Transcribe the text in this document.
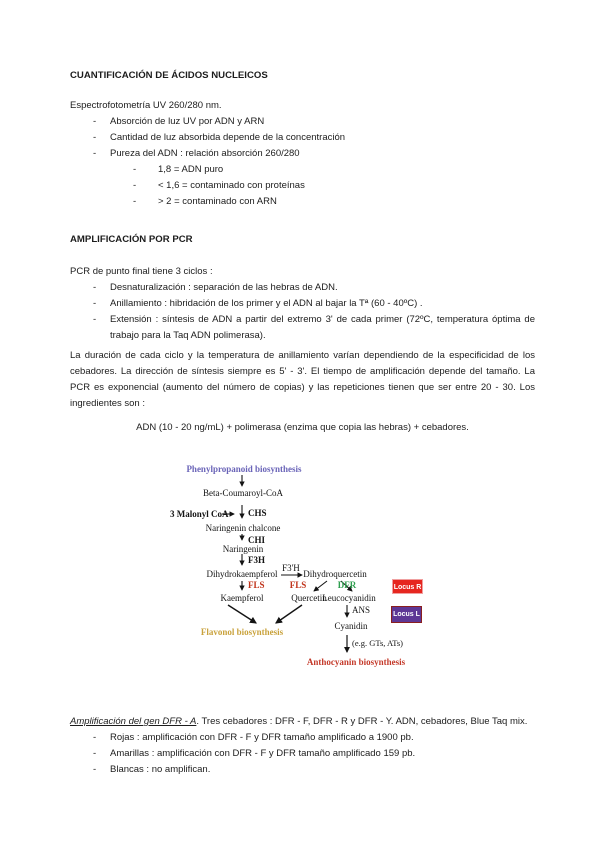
CUANTIFICACIÓN DE ÁCIDOS NUCLEICOS
Espectrofotometría UV 260/280 nm.
-	Absorción de luz UV por ADN y ARN
-	Cantidad de luz absorbida depende de la concentración
-	Pureza del ADN : relación absorción 260/280
-	1,8 = ADN puro
-	< 1,6 = contaminado con proteínas
-	> 2 = contaminado con ARN
AMPLIFICACIÓN POR PCR
PCR de punto final tiene 3 ciclos :
-	Desnaturalización : separación de las hebras de ADN.
-	Anillamiento : hibridación de los primer y el ADN al bajar la Tª (60 - 40ºC) .
-	Extensión : síntesis de ADN a partir del extremo 3' de cada primer (72ºC, temperatura óptima de trabajo para la Taq ADN polimerasa).
La duración de cada ciclo y la temperatura de anillamiento varían dependiendo de la especificidad de los cebadores. La dirección de síntesis siempre es 5' - 3'. El tiempo de amplificación depende del tamaño. La PCR es exponencial (aumento del número de copias) y las repeticiones tienen que ser entre 20 - 30. Los ingredientes son :
ADN (10 - 20 ng/mL) + polimerasa (enzima que copia las hebras) + cebadores.
Phenylpropanoid biosynthesis
Beta-Coumaroyl-CoA
3 Malonyl CoA CHS
Naringenin chalcone
CHI
Naringenin
F3H
F3'H
Dihydrokaempferol	Dihydroquercetin
FLS	FLS	DFR
Kaempferol	Quercetin
Leucocyanidin
ANS
Cyanidin
Flavonol biosynthesis
(e.g. GTs, ATs)
Anthocyanin biosynthesis
Locus R
Locus L
Amplificación del gen DFR - A. Tres cebadores : DFR - F, DFR - R y DFR - Y. ADN, cebadores, Blue Taq mix.
-	Rojas : amplificación con DFR - F y DFR tamaño amplificado a 1900 pb.
-	Amarillas : amplificación con DFR - F y DFR tamaño amplificado 159 pb.
-	Blancas : no amplifican.
